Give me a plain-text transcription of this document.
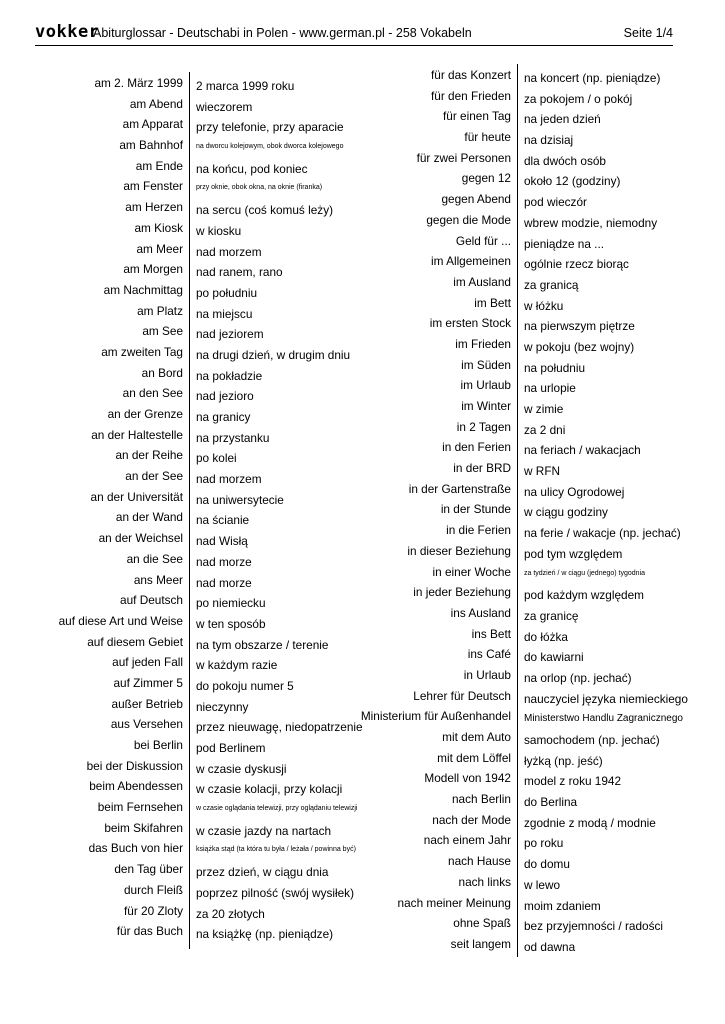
vokker
Abiturglossar - Deutschabi in Polen - www.german.pl - 258 Vokabeln	Seite 1/4
am 2. März 1999 2 marca 1999 roku
am Abend wieczorem
am Apparat przy telefonie, przy aparacie
am Bahnhof na dworcu kolejowym, obok dworca kolejowego
am Ende na końcu, pod koniec
am Fenster przy oknie, obok okna, na oknie (firanka)
am Herzen na sercu (coś komuś leży)
am Kiosk w kiosku
am Meer nad morzem
am Morgen nad ranem, rano
am Nachmittag po południu
am Platz na miejscu
am See nad jeziorem
am zweiten Tag na drugi dzień, w drugim dniu
an Bord na pokładzie
an den See nad jezioro
an der Grenze na granicy
an der Haltestelle na przystanku
an der Reihe po kolei
an der See nad morzem
an der Universität na uniwersytecie
an der Wand na ścianie
an der Weichsel nad Wisłą
an die See nad morze
ans Meer nad morze
auf Deutsch po niemiecku
auf diese Art und Weise w ten sposób
auf diesem Gebiet na tym obszarze / terenie
auf jeden Fall w każdym razie
auf Zimmer 5 do pokoju numer 5
außer Betrieb nieczynny
aus Versehen przez nieuwagę, niedopatrzenie
bei Berlin pod Berlinem
bei der Diskussion w czasie dyskusji
beim Abendessen w czasie kolacji, przy kolacji
beim Fernsehen w czasie oglądania telewizji, przy oglądaniu telewizji
beim Skifahren w czasie jazdy na nartach
das Buch von hier książka stąd (ta która tu była / leżała / powinna być)
den Tag über przez dzień, w ciągu dnia
durch Fleiß poprzez pilność (swój wysiłek)
für 20 Zloty za 20 złotych
für das Buch na książkę (np. pieniądze)
für das Konzert na koncert (np. pieniądze)
für den Frieden za pokojem / o pokój
für einen Tag na jeden dzień
für heute na dzisiaj
für zwei Personen dla dwóch osób
gegen 12 około 12 (godziny)
gegen Abend pod wieczór
gegen die Mode wbrew modzie, niemodny
Geld für ... pieniądze na ...
im Allgemeinen ogólnie rzecz biorąc
im Ausland za granicą
im Bett w łóżku
im ersten Stock na pierwszym piętrze
im Frieden w pokoju (bez wojny)
im Süden na południu
im Urlaub na urlopie
im Winter w zimie
in 2 Tagen za 2 dni
in den Ferien na feriach / wakacjach
in der BRD w RFN
in der Gartenstraße na ulicy Ogrodowej
in der Stunde w ciągu godziny
in die Ferien na ferie / wakacje (np. jechać)
in dieser Beziehung pod tym względem
in einer Woche za tydzień / w ciągu (jednego) tygodnia
in jeder Beziehung pod każdym względem
ins Ausland za granicę
ins Bett do łóżka
ins Café do kawiarni
in Urlaub na orlop (np. jechać)
Lehrer für Deutsch nauczyciel języka niemieckiego
Ministerium für Außenhandel Ministerstwo Handlu Zagranicznego
mit dem Auto samochodem (np. jechać)
mit dem Löffel łyżką (np. jeść)
Modell von 1942 model z roku 1942
nach Berlin do Berlina
nach der Mode zgodnie z modą / modnie
nach einem Jahr po roku
nach Hause do domu
nach links w lewo
nach meiner Meinung moim zdaniem
ohne Spaß bez przyjemności / radości
seit langem od dawna
